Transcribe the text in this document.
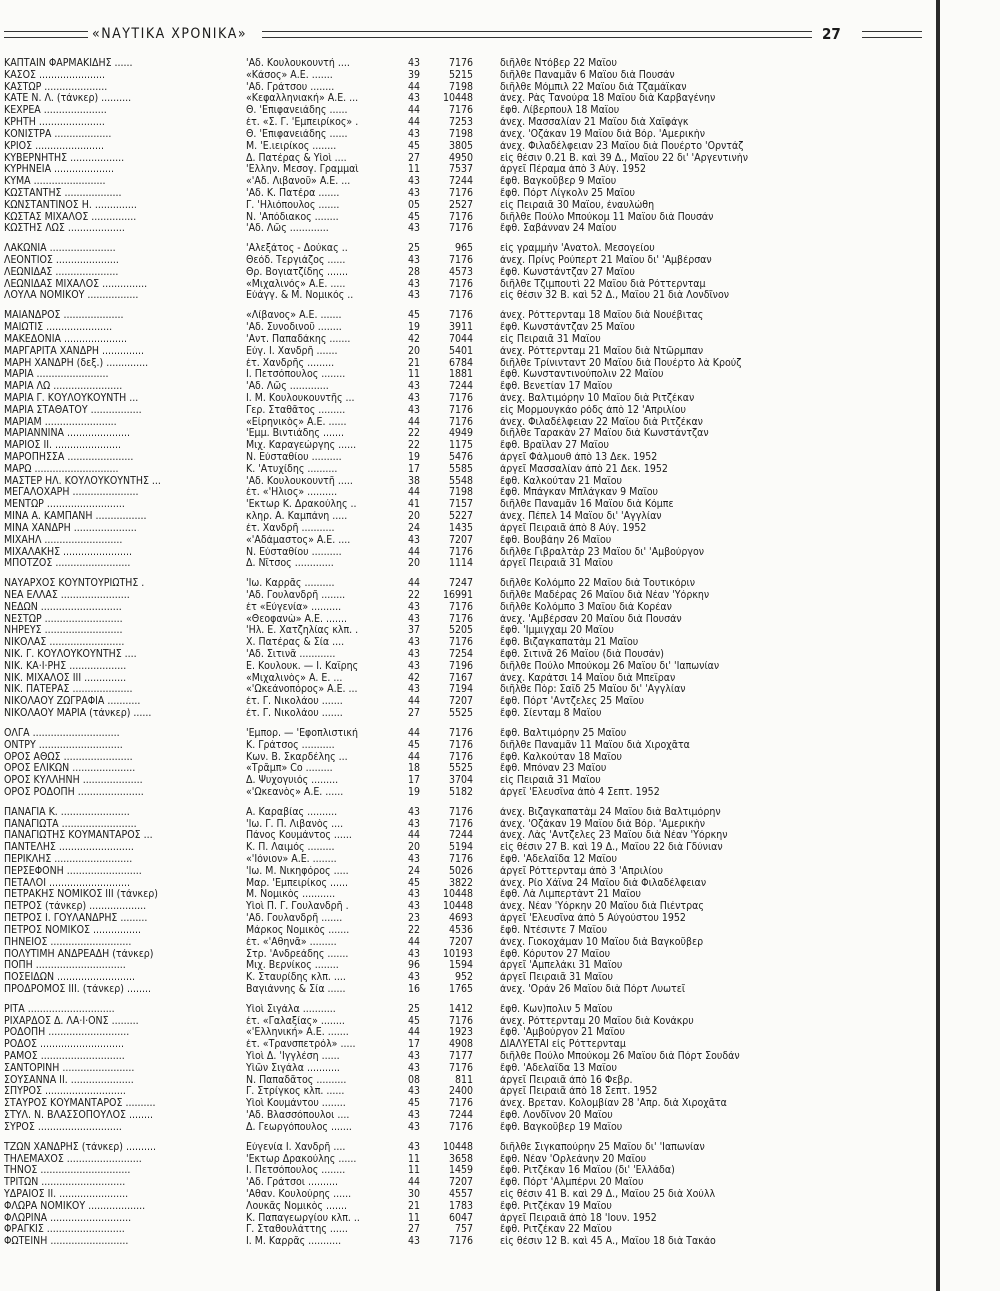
«ΝΑΥΤΙΚΑ ΧΡΟΝΙΚΑ»	27
ΚΑΠΤΑΙΝ ΦΑΡΜΑΚΙΔΗΣ ......	'Αδ. Κουλουκουντή ....	43	7176	διῆλθε Ντόβερ 22 Μαΐου
ΚΑΣΟΣ ......................	«Κάσος» Α.Ε. .......	39	5215	διῆλθε Παναμᾶν 6 Μαΐου διὰ Πουσάν
ΚΑΣΤΩΡ .....................	'Αδ. Γράτσου ........	44	7198	διῆλθε Μόμπιλ 22 Μαΐου διὰ Τζαμάϊκαν
ΚΑΤΕ Ν. Λ. (τάνκερ) ..........	«Κεφαλληνιακή» Α.Ε. ...	43	10448	ἀνεχ. Ρὰς Τανούρα 18 Μαΐου διὰ Καρβαγένην
ΚΕΧΡΕΑ .....................	Θ. 'Επιφανειάδης ......	44	7176	ἔφθ. Λίβερπουλ 18 Μαΐου
ΚΡΗΤΗ ......................	ἐτ. «Σ. Γ. 'Εμπειρίκος» .	44	7253	ἀνεχ. Μασσαλίαν 21 Μαΐου διὰ Χαϊφάγκ
ΚΟΝΙΣΤΡΑ ...................	Θ. 'Επιφανειάδης ......	43	7198	ἀνεχ. 'Οζάκαν 19 Μαΐου διὰ Βόρ. 'Αμερικὴν
ΚΡΙΟΣ .......................	Μ. 'Ε.ιειρίκος ........	45	3805	ἀνεχ. Φιλαδέλφειαν 23 Μαΐου διὰ Πουέρτο 'Ορντάζ
ΚΥΒΕΡΝΗΤΗΣ ..................	Δ. Πατέρας & Υἱοὶ ....	27	4950	εἰς θέσιν 0.21 Β. καὶ 39 Δ., Μαΐου 22 δι' 'Αργεντινὴν
ΚΥΡΗΝΕΙΑ ....................	'Ελλην. Μεσογ. Γραμμαὶ	11	7537	ἀργεῖ Πέραμα ἀπὸ 3 Αὐγ. 1952
ΚΥΜΑ ........................	«'Αδ. Λιβανοῦ» Α.Ε. ...	43	7244	ἔφθ. Βαγκοῦβερ 9 Μαΐου
ΚΩΣΤΑΝΤΗΣ ...................	'Αδ. Κ. Πατέρα .......	43	7176	ἔφθ. Πόρτ Λίγκολν 25 Μαΐου
ΚΩΝΣΤΑΝΤΙΝΟΣ Η. ..............	Γ. 'Ηλιόπουλος .......	05	2527	εἰς Πειραιᾶ 30 Μαΐου, ἐναυλώθη
ΚΩΣΤΑΣ ΜΙΧΑΛΟΣ ...............	Ν. 'Απόδιακος ........	45	7176	διῆλθε Πούλο Μπούκομ 11 Μαΐου διὰ Πουσάν
ΚΩΣΤΗΣ ΛΩΣ ...................	'Αδ. Λῶς .............	43	7176	ἔφθ. Σαβάνναν 24 Μαΐου
ΛΑΚΩΝΙΑ ......................	'Αλεξάτος - Δούκας ..	25	965	εἰς γραμμὴν 'Ανατολ. Μεσογείου
ΛΕΟΝΤΙΟΣ .....................	Θεόδ. Τεργιάζος ......	43	7176	ἀνεχ. Πρίνς Ρούπερτ 21 Μαΐου δι' 'Αμβέρσαν
ΛΕΩΝΙΔΑΣ .....................	Θρ. Βογιατζίδης .......	28	4573	ἔφθ. Κωνστάντζαν 27 Μαΐου
ΛΕΩΝΙΔΑΣ ΜΙΧΑΛΟΣ ...............	«Μιχαλινός» Α.Ε. .....	43	7176	διῆλθε Τζιμπουτὶ 22 Μαΐου διὰ Ρόττερνταμ
ΛΟΥΛΑ ΝΟΜΙΚΟΥ .................	Εὐάγγ. & Μ. Νομικός ..	43	7176	εἰς θέσιν 32 Β. καὶ 52 Δ., Μαΐου 21 διὰ Λονδῖνον
ΜΑΙΑΝΔΡΟΣ ....................	«Λίβανος» Α.Ε. .......	45	7176	ἀνεχ. Ρόττερνταμ 18 Μαΐου διὰ Νουέβιτας
ΜΑΙΩΤΙΣ ......................	'Αδ. Συνοδινοῦ ........	19	3911	ἔφθ. Κωνστάντζαν 25 Μαΐου
ΜΑΚΕΔΟΝΙΑ .....................	'Αντ. Παπαδάκης .......	42	7044	εἰς Πειραιᾶ 31 Μαΐου
ΜΑΡΓΑΡΙΤΑ ΧΑΝΔΡΗ ..............	Εὐγ. Ι. Χανδρῆ .......	20	5401	ἀνεχ. Ρόττερνταμ 21 Μαΐου διὰ Ντῶρμπαν
ΜΑΡΗ ΧΑΝΔΡΗ (δεξ.) ..............	ἐτ. Χανδρῆς .........	21	6784	διῆλθε Τρίνινταντ 20 Μαΐου διὰ Πουέρτο λὰ Κρούζ
ΜΑΡΙΑ ........................	Ι. Πετσόπουλος ........	11	1881	ἔφθ. Κωνσταντινούπολιν 22 Μαΐου
ΜΑΡΙΑ ΛΩ .......................	'Αδ. Λῶς .............	43	7244	ἔφθ. Βενετίαν 17 Μαΐου
ΜΑΡΙΑ Γ. ΚΟΥΛΟΥΚΟΥΝΤΗ ...	Ι. Μ. Κουλουκουντῆς ...	43	7176	ἀνεχ. Βαλτιμόρην 10 Μαΐου διὰ Ριτζέκαν
ΜΑΡΙΑ ΣΤΑΘΑΤΟΥ .................	Γερ. Σταθᾶτος .........	43	7176	εἰς Μορμουγκάο ρόδς ἀπὸ 12 'Απριλίου
ΜΑΡΙΑΜ ........................	«Εἰρηνικὸς» Α.Ε. ......	44	7176	ἀνεχ. Φιλαδέλφειαν 22 Μαΐου διὰ Ριτζέκαν
ΜΑΡΙΑΝΝΙΝΑ .....................	'Εμμ. Βιντιάδης .......	22	4949	διῆλθε Ταρακὰν 27 Μαΐου διὰ Κωνστάντζαν
ΜΑΡΙΟΣ ΙΙ. ......................	Μιχ. Καραγεώργης ......	22	1175	ἔφθ. Βραΐλαν 27 Μαΐου
ΜΑΡΟΠΗΣΣΑ ......................	Ν. Εὐσταθίου ..........	19	5476	ἀργεῖ Φάλμουθ ἀπὸ 13 Δεκ. 1952
ΜΑΡΩ ............................	Κ. 'Ατυχίδης ..........	17	5585	ἀργεῖ Μασσαλίαν ἀπὸ 21 Δεκ. 1952
ΜΑΣΤΕΡ ΗΛ. ΚΟΥΛΟΥΚΟΥΝΤΗΣ ...	'Αδ. Κουλουκουντῆ .....	38	5548	ἔφθ. Καλκούταν 21 Μαΐου
ΜΕΓΑΛΟΧΑΡΗ ......................	ἐτ. «'Ηλιος» ..........	44	7198	ἔφθ. Μπάγκαν Μπλάγκαν 9 Μαΐου
ΜΕΝΤΩΡ ..........................	'Εκτωρ Κ. Δρακούλης ..	41	7157	διῆλθε Παναμᾶν 16 Μαΐου διὰ Κόμπε
ΜΙΝΑ Α. ΚΑΜΠΑΝΗ .................	κληρ. Α. Καμπάνη .....	20	5227	ἀνεχ. Πέπελ 14 Μαΐου δι' 'Αγγλίαν
ΜΙΝΑ ΧΑΝΔΡΗ .....................	ἐτ. Χανδρῆ ...........	24	1435	ἀργεῖ Πειραιᾶ ἀπὸ 8 Αὐγ. 1952
ΜΙΧΑΗΛ ..........................	«'Αδάμαστος» Α.Ε. ....	43	7207	ἔφθ. Βουβάην 26 Μαΐου
ΜΙΧΑΛΑΚΗΣ .......................	Ν. Εὐσταθίου ..........	44	7176	διῆλθε Γιβραλτὰρ 23 Μαΐου δι' 'Αμβούργον
ΜΠΟΤΖΟΣ .........................	Δ. Νῖτσος .............	20	1114	ἀργεῖ Πειραιᾶ 31 Μαΐου
ΝΑΥΑΡΧΟΣ ΚΟΥΝΤΟΥΡΙΩΤΗΣ .	'Ιω. Καρρᾶς ..........	44	7247	διῆλθε Κολόμπο 22 Μαΐου διὰ Τουτικόριν
ΝΕΑ ΕΛΛΑΣ .......................	'Αδ. Γουλανδρῆ ........	22	16991	διῆλθε Μαδέρας 26 Μαΐου διὰ Νέαν 'Υόρκην
ΝΕΔΩΝ ...........................	ἐτ «Εὐγενία» ..........	43	7176	διῆλθε Κολόμπο 3 Μαΐου διὰ Κορέαν
ΝΕΣΤΩΡ ..........................	«Θεοφανὼ» Α.Ε. .......	43	7176	ἀνεχ. 'Αμβέρσαν 20 Μαΐου διὰ Πουσάν
ΝΗΡΕΥΣ ..........................	'Ηλ. Ε. Χατζηλίας κλπ. .	37	5205	ἔφθ. 'Ιμμιγχαμ 20 Μαΐου
ΝΙΚΟΛΑΣ .........................	Χ. Πατέρας & Σία ....	43	7176	ἔφθ. Βιζαγκαπατὰμ 21 Μαΐου
ΝΙΚ. Γ. ΚΟΥΛΟΥΚΟΥΝΤΗΣ ....	'Αδ. Σιτινᾶ ............	43	7254	ἔφθ. Σιτινᾶ 26 Μαΐου (διὰ Πουσάν)
ΝΙΚ. ΚΑ·Ι·ΡΗΣ ...................	Ε. Κουλουκ. — Ι. Καΐρης	43	7196	διῆλθε Πούλο Μπούκομ 26 Μαΐου δι' 'Ιαπωνίαν
ΝΙΚ. ΜΙΧΑΛΟΣ ΙΙΙ ..............	«Μιχαλινὸς» Α. Ε. ...	42	7167	ἀνεχ. Καράτσι 14 Μαΐου διὰ Μπεΐραν
ΝΙΚ. ΠΑΤΕΡΑΣ ....................	«'Ωκεάνοπόρος» Α.Ε. ...	43	7194	διῆλθε Πὸρ: Σαΐδ 25 Μαΐου δι' 'Αγγλίαν
ΝΙΚΟΛΑΟΥ ΖΩΓΡΑΦΙΑ ...........	ἐτ. Γ. Νικολάου .......	44	7207	ἔφθ. Πόρτ 'Αντζελες 25 Μαΐου
ΝΙΚΟΛΑΟΥ ΜΑΡΙΑ (τάνκερ) ......	ἐτ. Γ. Νικολάου .......	27	5525	ἔφθ. Σίενταμ 8 Μαΐου
ΟΛΓΑ .............................	'Εμπορ. — 'Εφοπλιστική	44	7176	ἔφθ. Βαλτιμόρην 25 Μαΐου
ΟΝΤΡΥ ............................	Κ. Γράτσος ...........	45	7176	διῆλθε Παναμᾶν 11 Μαΐου διὰ Χιροχᾶτα
ΟΡΟΣ ΑΘΩΣ .......................	Κων. Β. Σκαρδέλης ...	44	7176	ἔφθ. Καλκούταν 18 Μαΐου
ΟΡΟΣ ΕΛΙΚΩΝ .....................	«Τρᾶμπ» Co .........	18	5525	ἔφθ. Μπόναν 23 Μαΐου
ΟΡΟΣ ΚΥΛΛΗΝΗ ....................	Δ. Ψυχογυιός .........	17	3704	εἰς Πειραιᾶ 31 Μαΐου
ΟΡΟΣ ΡΟΔΟΠΗ ......................	«'Ωκεανὸς» Α.Ε. ......	19	5182	ἀργεῖ 'Ελευσῖνα ἀπὸ 4 Σεπτ. 1952
ΠΑΝΑΓΙΑ Κ. .......................	Α. Καραβίας ..........	43	7176	ἀνεχ. Βιζαγκαπατὰμ 24 Μαΐου διὰ Βαλτιμόρην
ΠΑΝΑΓΙΩΤΑ .........................	'Ιω. Γ. Π. Λιβανὸς ....	43	7176	ἀνεχ. 'Οζάκαν 19 Μαΐου διὰ Βόρ. 'Αμερικὴν
ΠΑΝΑΓΙΩΤΗΣ ΚΟΥΜΑΝΤΑΡΟΣ ...	Πάνος Κουμάντος ......	44	7244	ἀνεχ. Λὰς 'Αντζελες 23 Μαΐου διὰ Νέαν 'Υόρκην
ΠΑΝΤΕΛΗΣ .........................	Κ. Π. Λαιμός .........	20	5194	εἰς θέσιν 27 Β. καὶ 19 Δ., Μαΐου 22 διὰ Γδύνιαν
ΠΕΡΙΚΛΗΣ ..........................	«'Ιόνιον» Α.Ε. ........	43	7176	ἔφθ. 'Αδελαΐδα 12 Μαΐου
ΠΕΡΣΕΦΟΝΗ .........................	'Ιω. Μ. Νικηφόρος .....	24	5026	ἀργεῖ Ρόττερνταμ ἀπὸ 3 'Απριλίου
ΠΕΤΑΛΟΙ ...........................	Μαρ. 'Εμπειρίκος ......	45	3822	ἀνεχ. Ρίο Χάϊνα 24 Μαΐου διὰ Φιλαδέλφειαν
ΠΕΤΡΑΚΗΣ ΝΟΜΙΚΟΣ ΙΙΙ (τάνκερ)	Μ. Νομικὸς ...........	43	10448	ἔφθ. Λὰ Λιμπερτὰντ 21 Μαΐου
ΠΕΤΡΟΣ (τάνκερ) ...................	Υἱοὶ Π. Γ. Γουλανδρῆ .	43	10448	ἀνεχ. Νέαν 'Υόρκην 20 Μαΐου διὰ Πιέντρας
ΠΕΤΡΟΣ Ι. ΓΟΥΛΑΝΔΡΗΣ .........	'Αδ. Γουλανδρῆ .......	23	4693	ἀργεῖ 'Ελευσῖνα ἀπὸ 5 Αὐγούστου 1952
ΠΕΤΡΟΣ ΝΟΜΙΚΟΣ ................	Μάρκος Νομικὸς .......	22	4536	ἔφθ. Ντέσιντε 7 Μαΐου
ΠΗΝΕΙΟΣ ...........................	ἐτ. «'Αθηνᾶ» .........	44	7207	ἀνεχ. Γιοκοχάμαν 10 Μαΐου διὰ Βαγκοῦβερ
ΠΟΛΥΤΙΜΗ ΑΝΔΡΕΑΔΗ (τάνκερ)	Στρ. 'Ανδρεάδης .......	43	10193	ἔφθ. Κόρυτον 27 Μαΐου
ΠΟΠΗ ..............................	Μιχ. Βερνίκος ........	96	1594	ἀργεῖ 'Αμπελάκι 31 Μαΐου
ΠΟΣΕΙΔΩΝ ..........................	Κ. Σταυρίδης κλπ. ....	43	952	ἀργεῖ Πειραιᾶ 31 Μαΐου
ΠΡΟΔΡΟΜΟΣ ΙΙΙ. (τάνκερ) ........	Βαγιάννης & Σία ......	16	1765	ἀνεχ. 'Οράν 26 Μαΐου διὰ Πόρτ Λυωτεῖ
ΡΙΤΑ .............................	Υἱοὶ Σιγάλα ...........	25	1412	ἔφθ. Κων)πολιν 5 Μαΐου
ΡΙΧΑΡΔΟΣ Δ. ΛΑ·Ι·ΟΝΣ .........	ἐτ. «Γαλαξίας» ........	45	7176	ἀνεχ. Ρόττερνταμ 20 Μαΐου διὰ Κονάκρυ
ΡΟΔΟΠΗ ...........................	«'Ελληνική» Α.Ε. .......	44	1923	ἔφθ. 'Αμβούργον 21 Μαΐου
ΡΟΔΟΣ ............................	ἐτ. «Τρανσπετρόλ» .....	17	4908	ΔΙΑΛΥΕΤΑΙ εἰς Ρόττερνταμ
ΡΑΜΟΣ ............................	Υἱοὶ Δ. 'Ιγγλέση ......	43	7177	διῆλθε Πούλο Μπούκομ 26 Μαΐου διὰ Πόρτ Σουδάν
ΣΑΝΤΟΡΙΝΗ ........................	Υἱῶν Σιγάλα ...........	43	7176	ἔφθ. 'Αδελαΐδα 13 Μαΐου
ΣΟΥΣΑΝΝΑ ΙΙ. .....................	Ν. Παπαδᾶτος ..........	08	811	ἀργεῖ Πειραιᾶ ἀπὸ 16 Φεβρ.
ΣΠΥΡΟΣ ...........................	Γ. Στρίγκος κλπ. ......	43	2400	ἀργεῖ Πειραιᾶ ἀπὸ 18 Σεπτ. 1952
ΣΤΑΥΡΟΣ ΚΟΥΜΑΝΤΑΡΟΣ ..........	Υἱοὶ Κουμάντου ........	45	7176	ἀνεχ. Βρεταν. Κολομβίαν 28 'Απρ. διὰ Χιροχᾶτα
ΣΤΥΛ. Ν. ΒΛΑΣΣΟΠΟΥΛΟΣ ........	'Αδ. Βλασσόπουλοι ....	43	7244	ἔφθ. Λονδῖνον 20 Μαΐου
ΣΥΡΟΣ ............................	Δ. Γεωργόπουλος .......	43	7176	ἔφθ. Βαγκοῦβερ 19 Μαΐου
ΤΖΩΝ ΧΑΝΔΡΗΣ (τάνκερ) ..........	Εὐγενία Ι. Χανδρῆ ....	43	10448	διῆλθε Σιγκαπούρην 25 Μαΐου δι' 'Ιαπωνίαν
ΤΗΛΕΜΑΧΟΣ .........................	'Εκτωρ Δρακούλης ......	11	3658	ἔφθ. Νέαν 'Ορλεάνην 20 Μαΐου
ΤΗΝΟΣ ..............................	Ι. Πετσόπουλος ........	11	1459	ἔφθ. Ριτζέκαν 16 Μαΐου (δι' 'Ελλάδα)
ΤΡΙΤΩΝ ............................	'Αδ. Γράτσοι ..........	44	7207	ἔφθ. Πόρτ 'Αλμπέρνι 20 Μαΐου
ΥΔΡΑΙΟΣ ΙΙ. .......................	'Αθαν. Κουλούρης ......	30	4557	εἰς θέσιν 41 Β. καὶ 29 Δ., Μαΐου 25 διὰ Χούλλ
ΦΛΩΡΑ ΝΟΜΙΚΟΥ ...................	Λουκᾶς Νομικὸς .......	21	1783	ἔφθ. Ριτζέκαν 19 Μαΐου
ΦΛΩΡΙΝΑ ...........................	Κ. Παπαγεωργίου κλπ. ..	11	6047	ἀργεῖ Πειραιᾶ ἀπὸ 18 'Ιουν. 1952
ΦΡΑΓΚΙΣ ..........................	Γ. Σταθουλάττης ......	27	757	ἔφθ. Ριτζέκαν 22 Μαΐου
ΦΩΤΕΙΝΗ ..........................	Ι. Μ. Καρρᾶς ...........	43	7176	εἰς θέσιν 12 Β. καὶ 45 Α., Μαΐου 18 διὰ Τακάο
